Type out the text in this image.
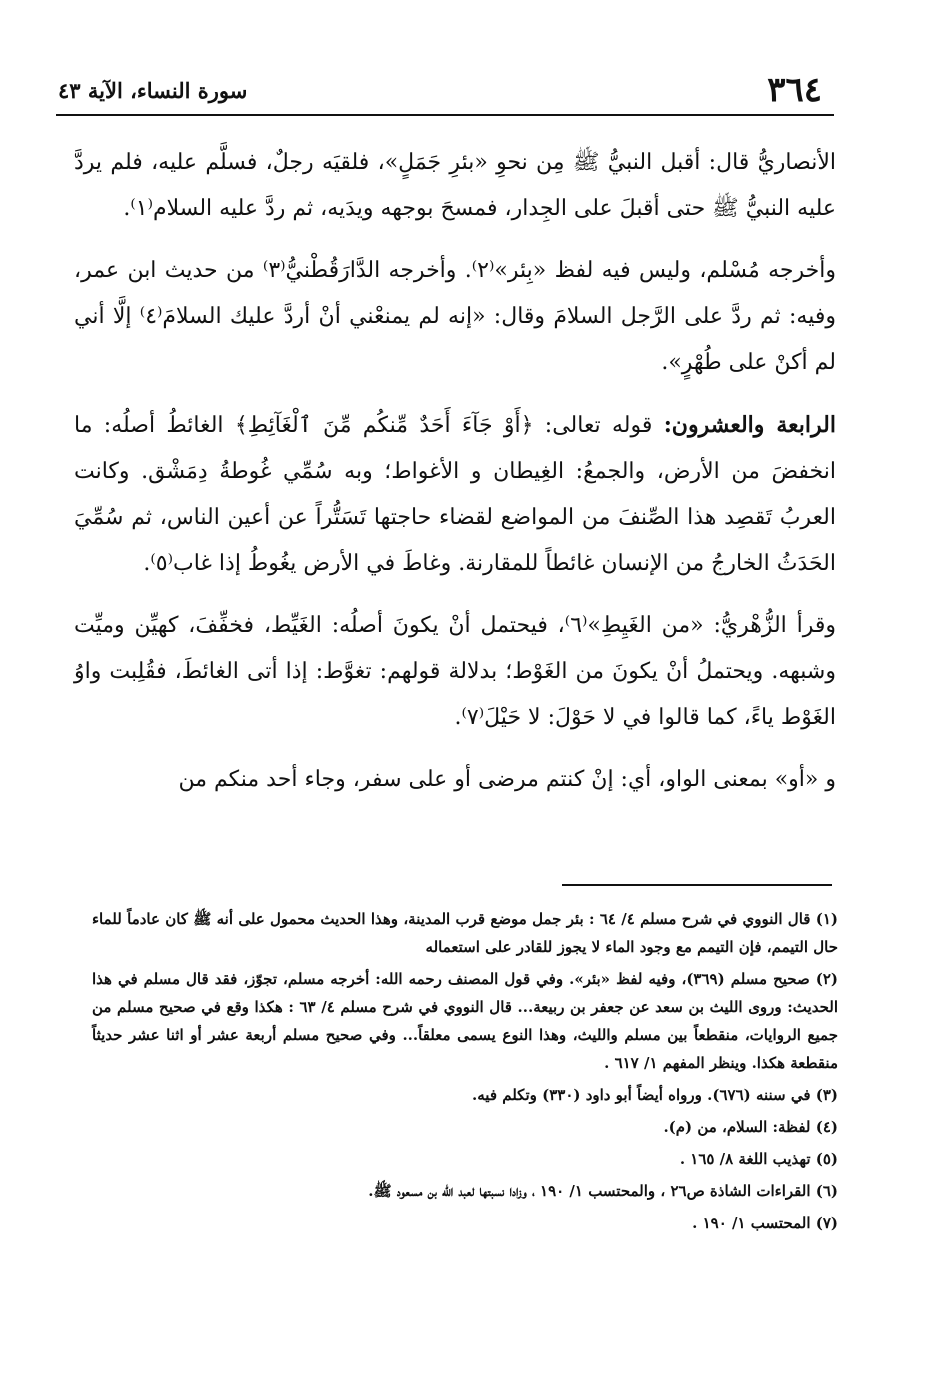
٣٦٤
سورة النساء، الآية ٤٣

الأنصاريُّ قال: أقبل النبيُّ ﷺ مِن نحوِ «بئرِ جَمَلٍ»، فلقيَه رجلٌ، فسلَّم عليه، فلم يردَّ عليه النبيُّ ﷺ حتى أقبلَ على الجِدار، فمسحَ بوجهه ويدَيه، ثم ردَّ عليه السلام⁽١⁾.

وأخرجه مُسْلم، وليس فيه لفظ «بِئر»⁽٢⁾. وأخرجه الدَّارَقُطْنيُّ⁽٣⁾ من حديث ابن عمر، وفيه: ثم ردَّ على الرَّجل السلامَ وقال: «إنه لم يمنعْني أنْ أردَّ عليك السلامَ⁽٤⁾ إلَّا أني لم أكنْ على طُهْرٍ».

الرابعة والعشرون: قوله تعالى: ﴿أَوْ جَآءَ أَحَدٌ مِّنكُم مِّنَ ٱلْغَآئِطِ﴾ الغائطُ أصلُه: ما انخفضَ من الأرض، والجمعُ: الغِيطان و الأغواط؛ وبه سُمِّي غُوطةُ دِمَشْق. وكانت العربُ تَقصِد هذا الصِّنفَ من المواضع لقضاء حاجتها تَسَتُّراً عن أعين الناس، ثم سُمِّيَ الحَدَثُ الخارجُ من الإنسان غائطاً للمقارنة. وغاطَ في الأرض يغُوطُ إذا غاب⁽٥⁾.

وقرأ الزُّهْريُّ: «من الغَيِطِ»⁽٦⁾، فيحتمل أنْ يكونَ أصلُه: الغَيِّط، فخفِّفَ، كهيِّن وميِّت وشبهه. ويحتملُ أنْ يكونَ من الغَوْط؛ بدلالة قولهم: تغوَّط: إذا أتى الغائطَ، فقُلِبت واوُ الغَوْط ياءً، كما قالوا في لا حَوْلَ: لا حَيْلَ⁽٧⁾.

و «أو» بمعنى الواو، أي: إنْ كنتم مرضى أو على سفر، وجاء أحد منكم من

(١) قال النووي في شرح مسلم ٤/ ٦٤ : بئر جمل موضع قرب المدينة، وهذا الحديث محمول على أنه ﷺ كان عادماً للماء حال التيمم، فإن التيمم مع وجود الماء لا يجوز للقادر على استعماله

(٢) صحيح مسلم (٣٦٩)، وفيه لفظ «بئر». وفي قول المصنف رحمه الله: أخرجه مسلم، تجوّز، فقد قال مسلم في هذا الحديث: وروى الليث بن سعد عن جعفر بن ربيعة... قال النووي في شرح مسلم ٤/ ٦٣ : هكذا وقع في صحيح مسلم من جميع الروايات، منقطعاً بين مسلم والليث، وهذا النوع يسمى معلقاً... وفي صحيح مسلم أربعة عشر أو اثنا عشر حديثاً منقطعة هكذا. وينظر المفهم ١/ ٦١٧ .

(٣) في سننه (٦٧٦). ورواه أيضاً أبو داود (٣٣٠) وتكلم فيه.

(٤) لفظة: السلام، من (م).

(٥) تهذيب اللغة ٨/ ١٦٥ .

(٦) القراءات الشاذة ص٢٦ ، والمحتسب ١/ ١٩٠ ، وزادا نسبتها لعبد الله بن مسعود ﷺ.

(٧) المحتسب ١/ ١٩٠ .
